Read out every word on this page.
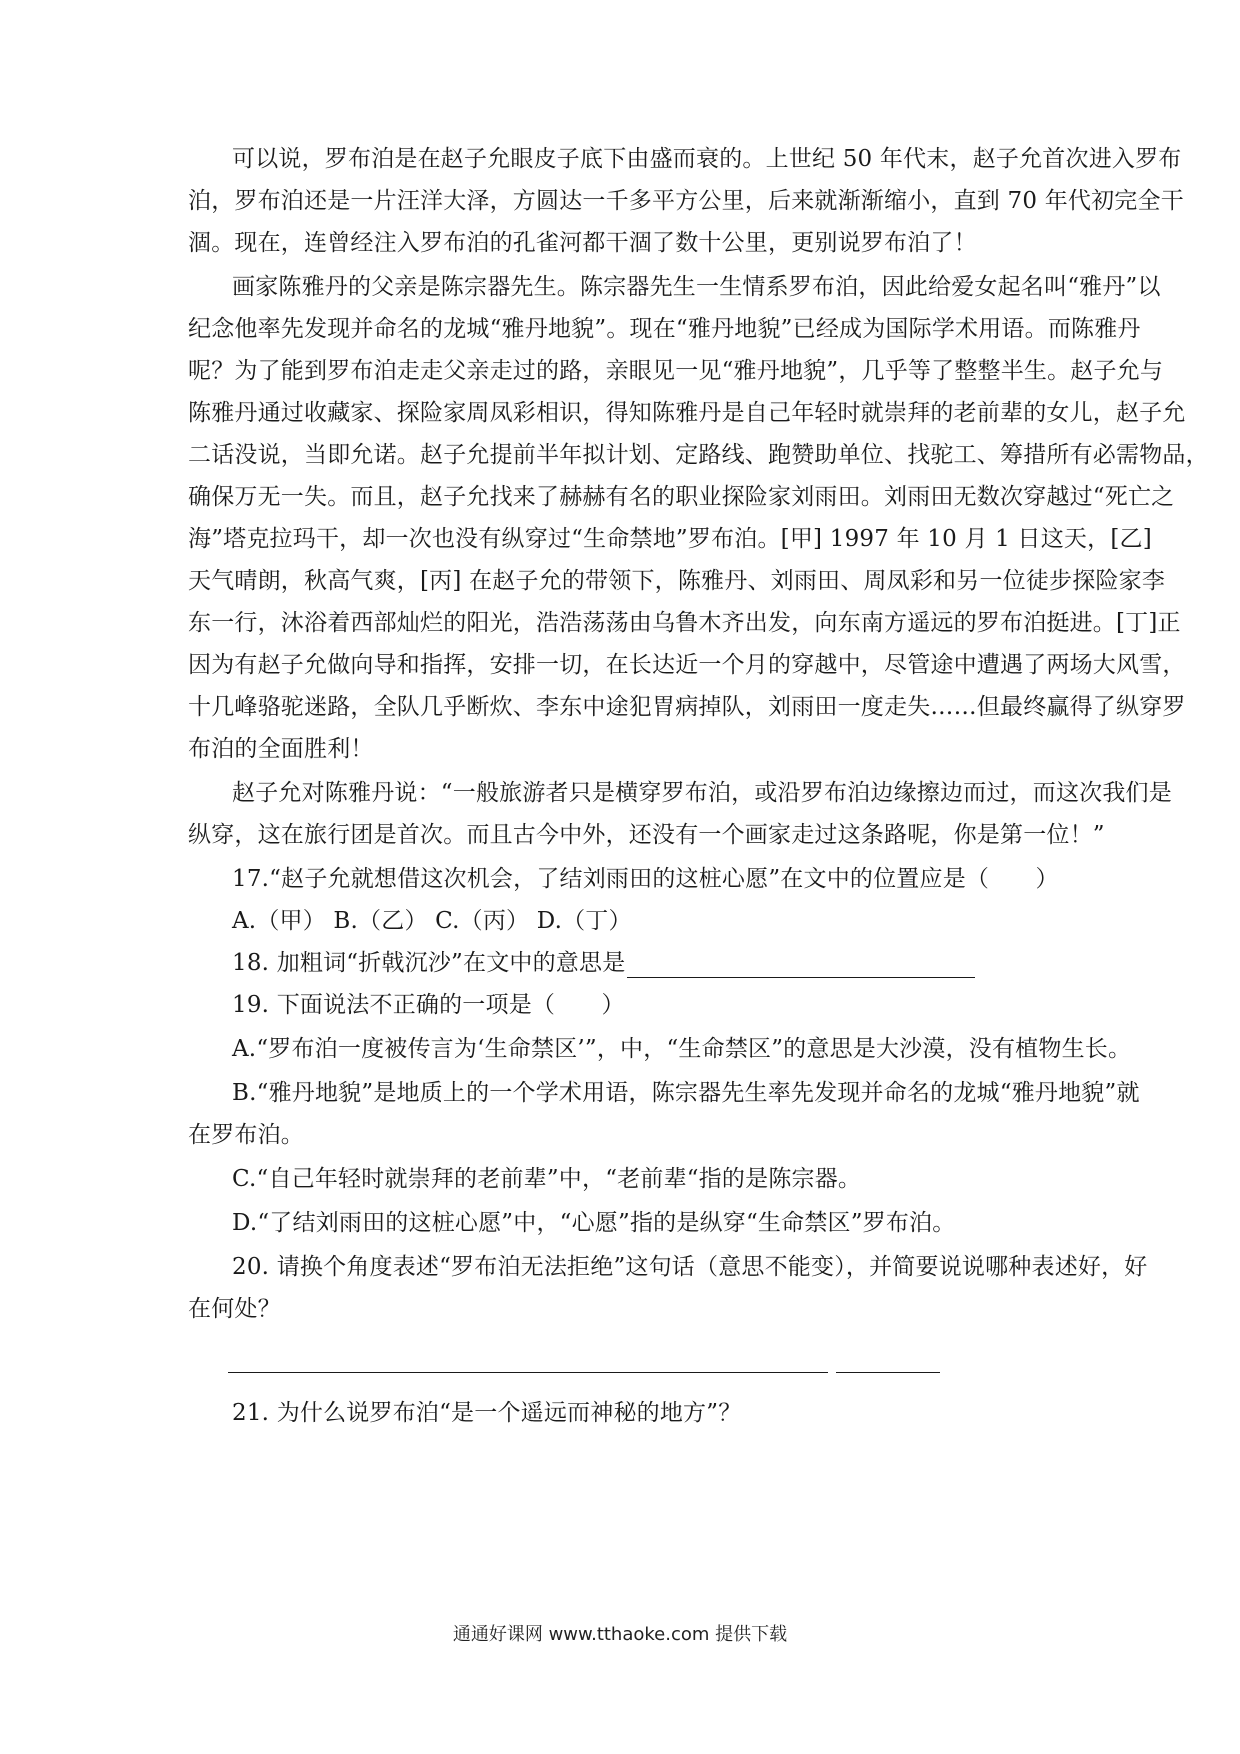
可以说，罗布泊是在赵子允眼皮子底下由盛而衰的。上世纪 50 年代末，赵子允首次进入罗布
泊，罗布泊还是一片汪洋大泽，方圆达一千多平方公里，后来就渐渐缩小，直到 70 年代初完全干
涸。现在，连曾经注入罗布泊的孔雀河都干涸了数十公里，更别说罗布泊了！
画家陈雅丹的父亲是陈宗器先生。陈宗器先生一生情系罗布泊，因此给爱女起名叫“雅丹”以
纪念他率先发现并命名的龙城“雅丹地貌”。现在“雅丹地貌”已经成为国际学术用语。而陈雅丹
呢？为了能到罗布泊走走父亲走过的路，亲眼见一见“雅丹地貌”，几乎等了整整半生。赵子允与
陈雅丹通过收藏家、探险家周凤彩相识，得知陈雅丹是自己年轻时就崇拜的老前辈的女儿，赵子允
二话没说，当即允诺。赵子允提前半年拟计划、定路线、跑赞助单位、找驼工、筹措所有必需物品，
确保万无一失。而且，赵子允找来了赫赫有名的职业探险家刘雨田。刘雨田无数次穿越过“死亡之
海”塔克拉玛干，却一次也没有纵穿过“生命禁地”罗布泊。[甲] 1997 年 10 月 1 日这天，[乙]
天气晴朗，秋高气爽，[丙] 在赵子允的带领下，陈雅丹、刘雨田、周凤彩和另一位徒步探险家李
东一行，沐浴着西部灿烂的阳光，浩浩荡荡由乌鲁木齐出发，向东南方遥远的罗布泊挺进。[丁]正
因为有赵子允做向导和指挥，安排一切，在长达近一个月的穿越中，尽管途中遭遇了两场大风雪，
十几峰骆驼迷路，全队几乎断炊、李东中途犯胃病掉队，刘雨田一度走失……但最终赢得了纵穿罗
布泊的全面胜利！
赵子允对陈雅丹说：“一般旅游者只是横穿罗布泊，或沿罗布泊边缘擦边而过，而这次我们是
纵穿，这在旅行团是首次。而且古今中外，还没有一个画家走过这条路呢，你是第一位！”
17.“赵子允就想借这次机会，了结刘雨田的这桩心愿”在文中的位置应是（　　）
A.（甲） B.（乙） C.（丙） D.（丁）
18. 加粗词“折戟沉沙”在文中的意思是
19. 下面说法不正确的一项是（　　）
A.“罗布泊一度被传言为‘生命禁区’”，中，“生命禁区”的意思是大沙漠，没有植物生长。
B.“雅丹地貌”是地质上的一个学术用语，陈宗器先生率先发现并命名的龙城“雅丹地貌”就
在罗布泊。
C.“自己年轻时就崇拜的老前辈”中，“老前辈“指的是陈宗器。
D.“了结刘雨田的这桩心愿”中，“心愿”指的是纵穿“生命禁区”罗布泊。
20. 请换个角度表述“罗布泊无法拒绝”这句话（意思不能变），并简要说说哪种表述好，好
在何处？
21. 为什么说罗布泊“是一个遥远而神秘的地方”？
通通好课网 www.tthaoke.com 提供下载
